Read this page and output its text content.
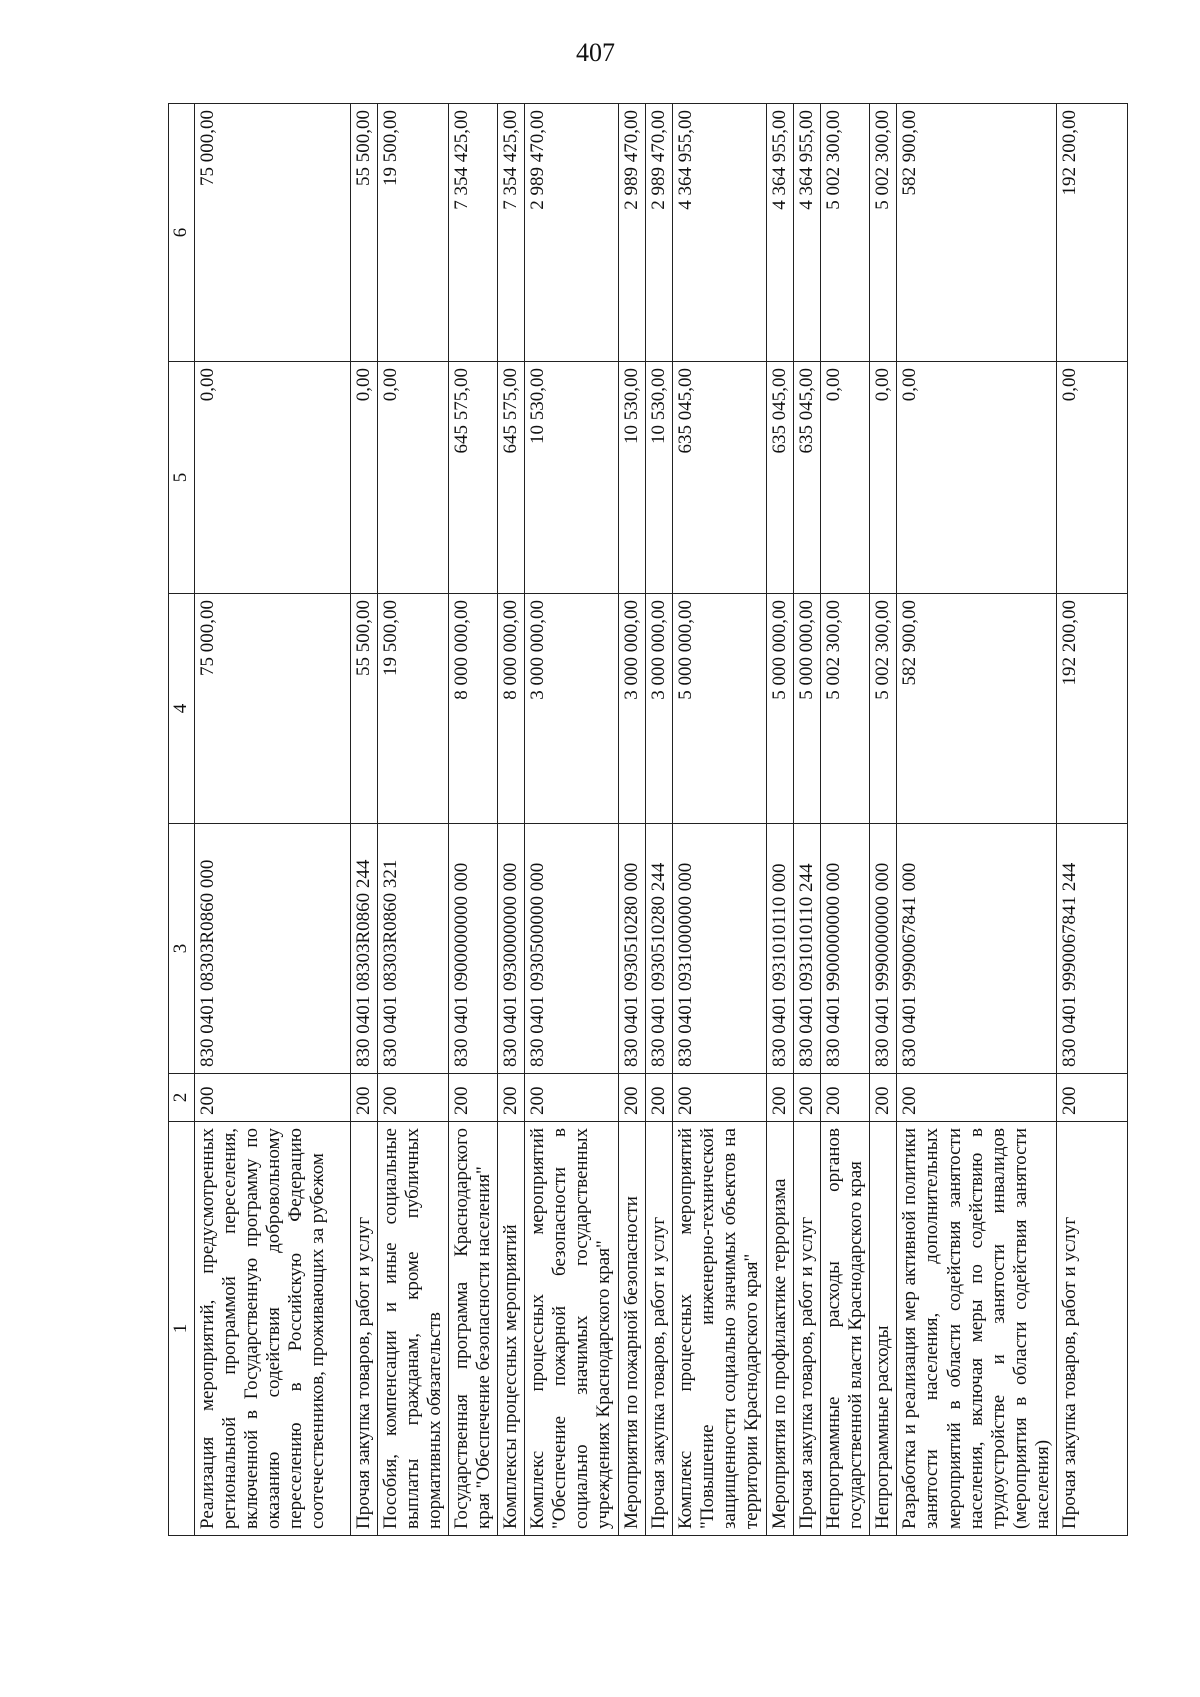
407
1	2	3	4	5	6
Реализация мероприятий, предусмотренных региональной программой переселения, включенной в Государственную программу по оказанию содействия добровольному переселению в Российскую Федерацию соотечественников, проживающих за рубежом	200	830 0401 08303R0860 000	75 000,00	0,00	75 000,00
Прочая закупка товаров, работ и услуг	200	830 0401 08303R0860 244	55 500,00	0,00	55 500,00
Пособия, компенсации и иные социальные выплаты гражданам, кроме публичных нормативных обязательств	200	830 0401 08303R0860 321	19 500,00	0,00	19 500,00
Государственная программа Краснодарского края "Обеспечение безопасности населения"	200	830 0401 0900000000 000	8 000 000,00	645 575,00	7 354 425,00
Комплексы процессных мероприятий	200	830 0401 0930000000 000	8 000 000,00	645 575,00	7 354 425,00
Комплекс процессных мероприятий "Обеспечение пожарной безопасности в социально значимых государственных учреждениях Краснодарского края"	200	830 0401 0930500000 000	3 000 000,00	10 530,00	2 989 470,00
Мероприятия по пожарной безопасности	200	830 0401 0930510280 000	3 000 000,00	10 530,00	2 989 470,00
Прочая закупка товаров, работ и услуг	200	830 0401 0930510280 244	3 000 000,00	10 530,00	2 989 470,00
Комплекс процессных мероприятий "Повышение инженерно-технической защищенности социально значимых объектов на территории Краснодарского края"	200	830 0401 0931000000 000	5 000 000,00	635 045,00	4 364 955,00
Мероприятия по профилактике терроризма	200	830 0401 0931010110 000	5 000 000,00	635 045,00	4 364 955,00
Прочая закупка товаров, работ и услуг	200	830 0401 0931010110 244	5 000 000,00	635 045,00	4 364 955,00
Непрограммные расходы органов государственной власти Краснодарского края	200	830 0401 9900000000 000	5 002 300,00	0,00	5 002 300,00
Непрограммные расходы	200	830 0401 9990000000 000	5 002 300,00	0,00	5 002 300,00
Разработка и реализация мер активной политики занятости населения, дополнительных мероприятий в области содействия занятости населения, включая меры по содействию в трудоустройстве и занятости инвалидов (мероприятия в области содействия занятости населения)	200	830 0401 9990067841 000	582 900,00	0,00	582 900,00
Прочая закупка товаров, работ и услуг	200	830 0401 9990067841 244	192 200,00	0,00	192 200,00
